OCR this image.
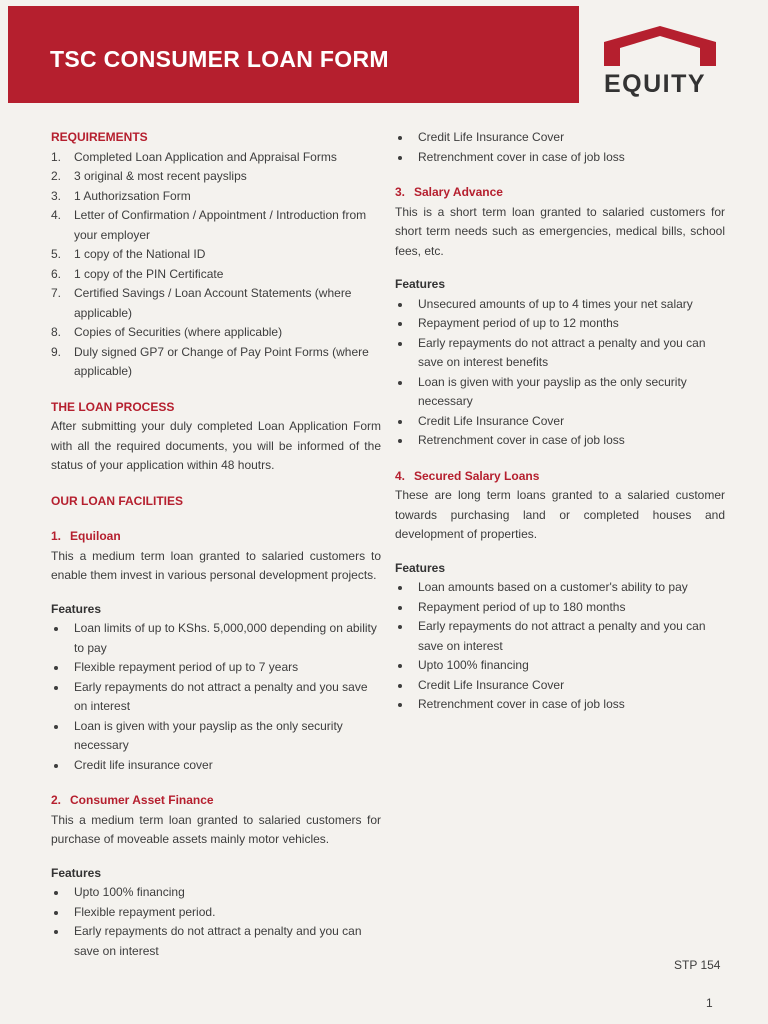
TSC CONSUMER LOAN FORM
EQUITY
REQUIREMENTS
1.	Completed Loan Application and Appraisal Forms
2.	3 original & most recent payslips
3.	1 Authorizsation Form
4.	Letter of Confirmation / Appointment / Introduction from your employer
5.	1 copy of the National ID
6.	1 copy of the PIN Certificate
7.	Certified Savings / Loan Account Statements (where applicable)
8.	Copies of Securities (where applicable)
9.	Duly signed GP7 or Change of Pay Point Forms (where applicable)
THE LOAN PROCESS

After submitting your duly completed Loan Application Form with all the required documents, you will be informed of the status of your application within 48 houtrs.

OUR LOAN FACILITIES
1. Equiloan

This a medium term loan granted to salaried customers to enable them invest in various personal development projects.

Features
Loan limits of up to KShs. 5,000,000 depending on ability to pay
Flexible repayment period of up to 7 years
Early repayments do not attract a penalty and you save on interest
Loan is given with your payslip as the only security necessary
Credit life insurance cover
2. Consumer Asset Finance

This a medium term loan granted to salaried customers for purchase of moveable assets mainly motor vehicles.

Features
Upto 100% financing
Flexible repayment period.
Early repayments do not attract a penalty and you can save on interest
Credit Life Insurance Cover
Retrenchment cover in case of job loss
3. Salary Advance

This is a short term loan granted to salaried customers for short term needs such as emergencies, medical bills, school fees, etc.

Features
Unsecured amounts of up to 4 times your net salary
Repayment period of up to 12 months
Early repayments do not attract a penalty and you can save on interest benefits
Loan is given with your payslip as the only security necessary
Credit Life Insurance Cover
Retrenchment cover in case of job loss
4. Secured Salary Loans

These are long term loans granted to a salaried customer towards purchasing land or completed houses and development of properties.

Features
Loan amounts based on a customer's ability to pay
Repayment period of up to 180 months
Early repayments do not attract a penalty and you can save on interest
Upto 100% financing
Credit Life Insurance Cover
Retrenchment cover in case of job loss
STP 154
1
